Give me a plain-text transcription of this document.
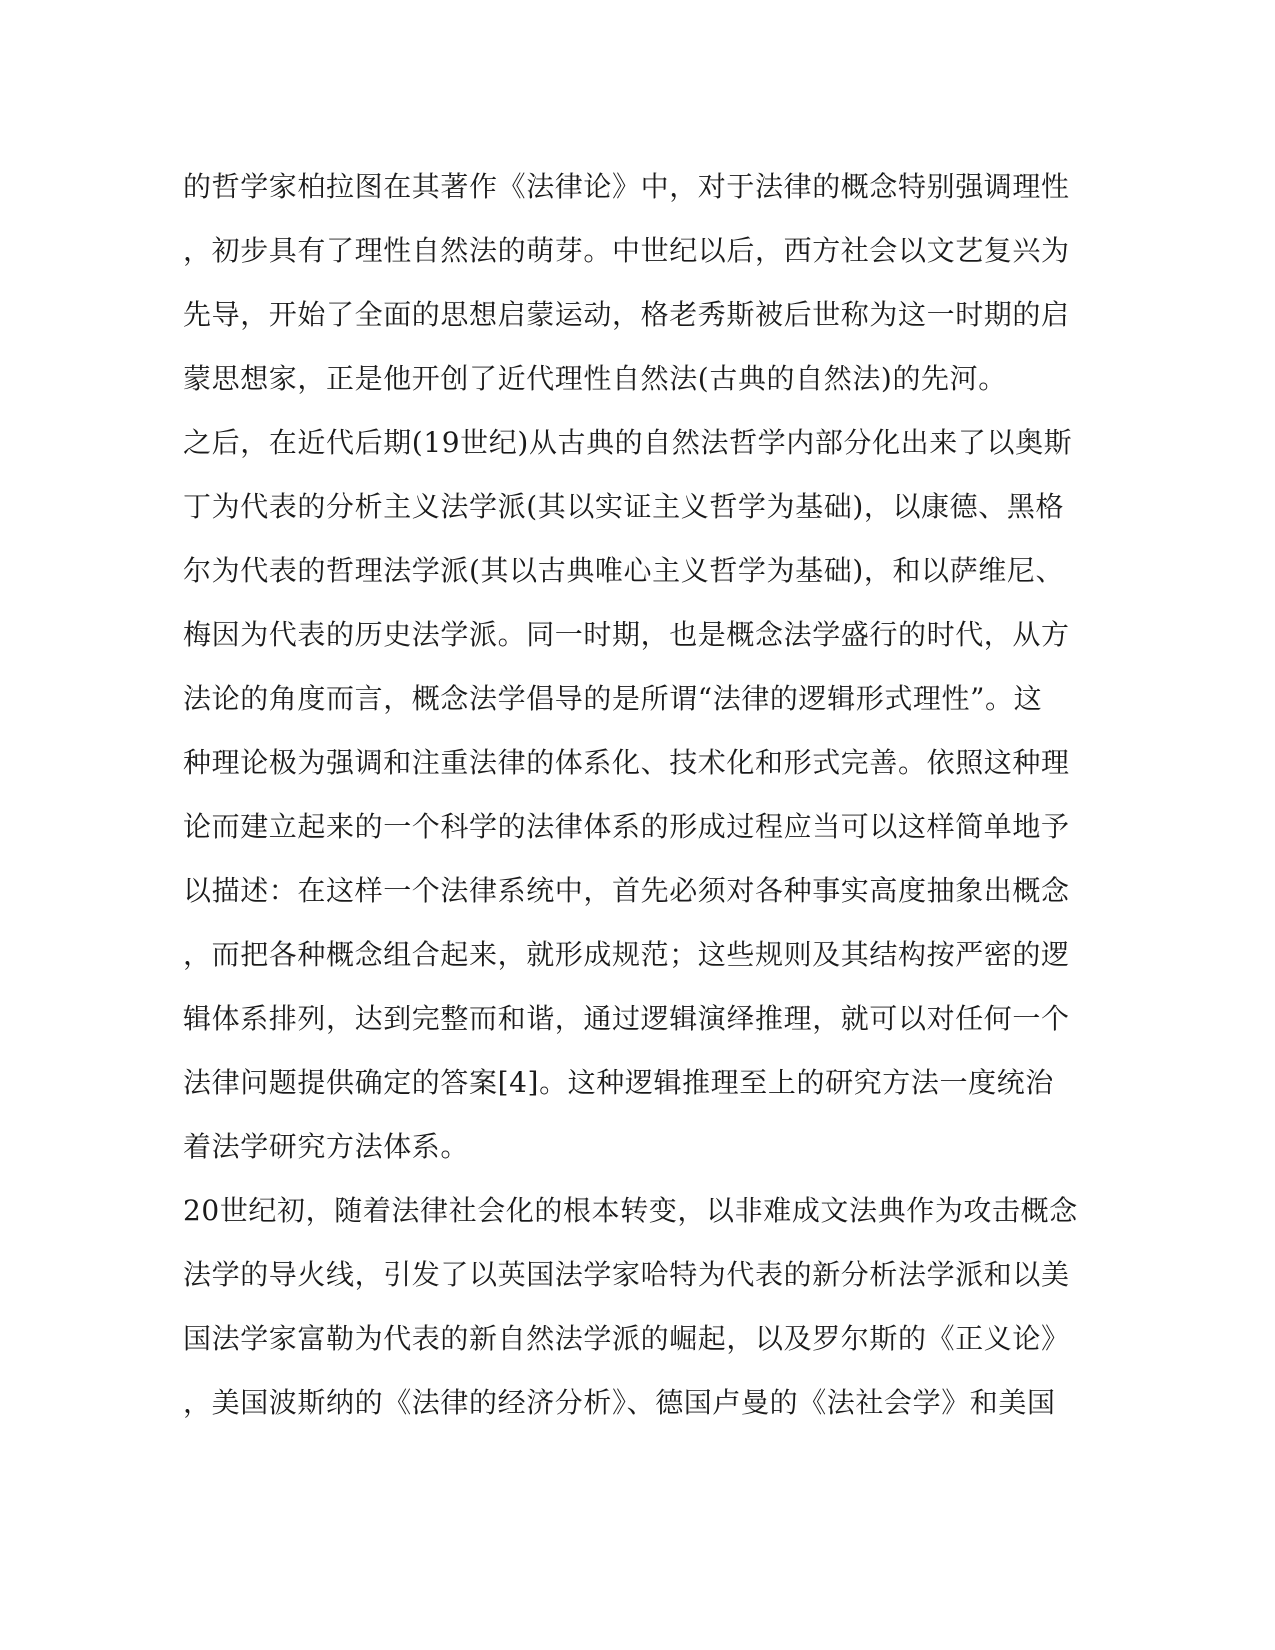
的哲学家柏拉图在其著作《法律论》中，对于法律的概念特别强调理性
，初步具有了理性自然法的萌芽。中世纪以后，西方社会以文艺复兴为
先导，开始了全面的思想启蒙运动，格老秀斯被后世称为这一时期的启
蒙思想家，正是他开创了近代理性自然法(古典的自然法)的先河。
之后，在近代后期(19世纪)从古典的自然法哲学内部分化出来了以奥斯
丁为代表的分析主义法学派(其以实证主义哲学为基础)，以康德、黑格
尔为代表的哲理法学派(其以古典唯心主义哲学为基础)，和以萨维尼、
梅因为代表的历史法学派。同一时期，也是概念法学盛行的时代，从方
法论的角度而言，概念法学倡导的是所谓“法律的逻辑形式理性”。这
种理论极为强调和注重法律的体系化、技术化和形式完善。依照这种理
论而建立起来的一个科学的法律体系的形成过程应当可以这样简单地予
以描述：在这样一个法律系统中，首先必须对各种事实高度抽象出概念
，而把各种概念组合起来，就形成规范；这些规则及其结构按严密的逻
辑体系排列，达到完整而和谐，通过逻辑演绎推理，就可以对任何一个
法律问题提供确定的答案[4]。这种逻辑推理至上的研究方法一度统治
着法学研究方法体系。
20世纪初，随着法律社会化的根本转变，以非难成文法典作为攻击概念
法学的导火线，引发了以英国法学家哈特为代表的新分析法学派和以美
国法学家富勒为代表的新自然法学派的崛起，以及罗尔斯的《正义论》
，美国波斯纳的《法律的经济分析》、德国卢曼的《法社会学》和美国
